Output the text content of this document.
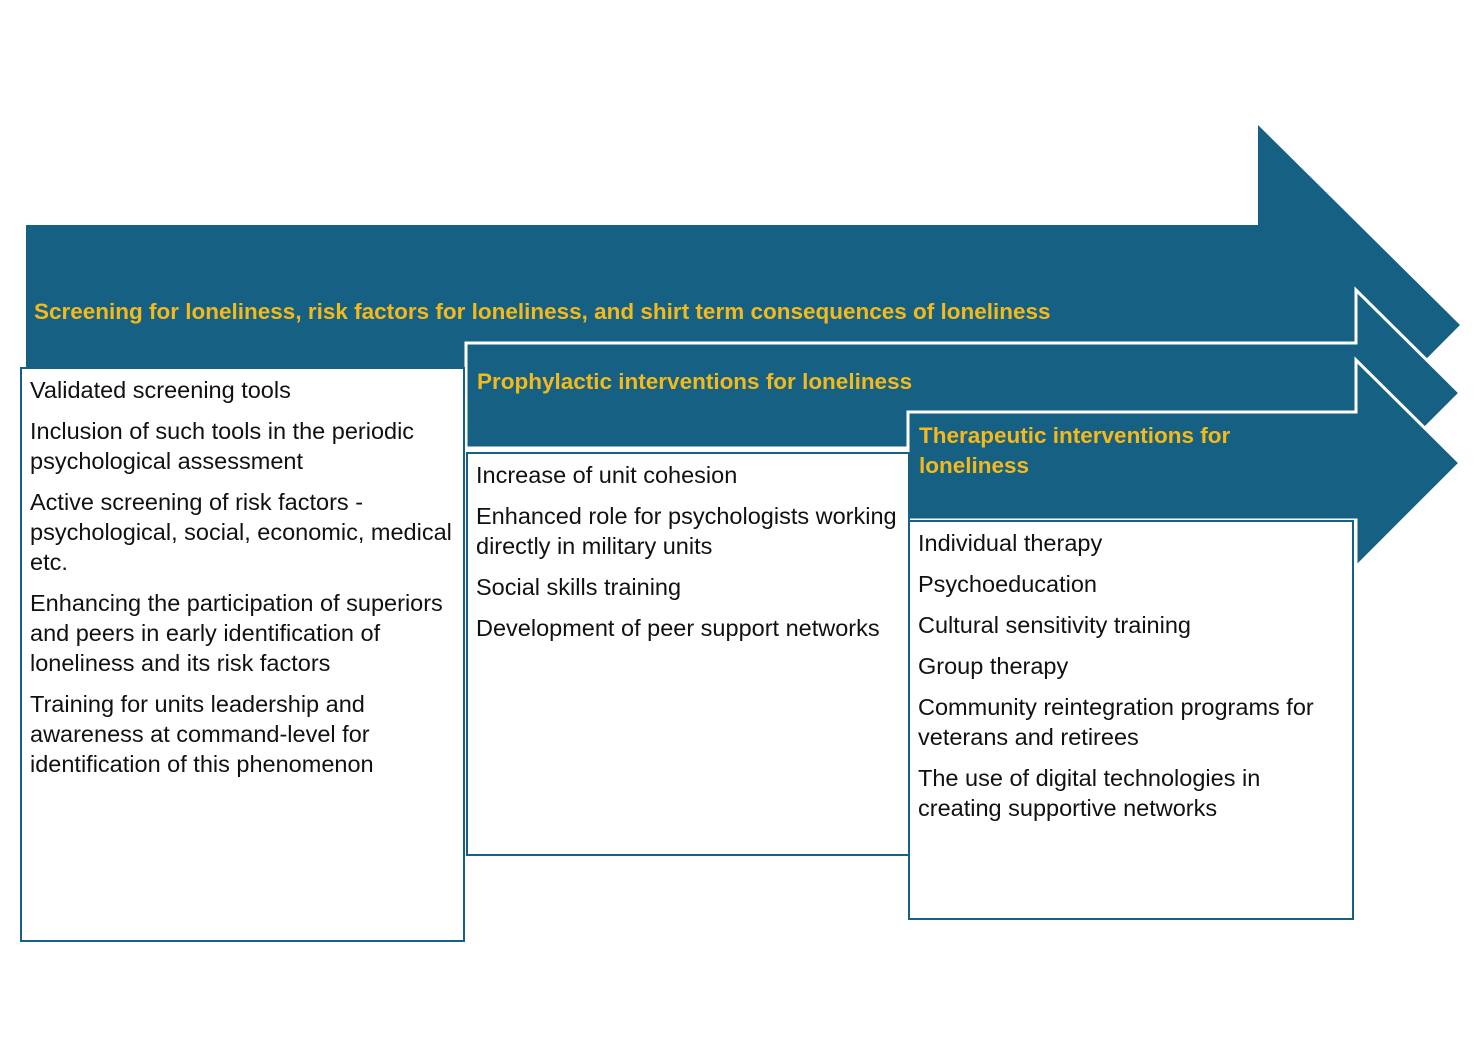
Screening for loneliness, risk factors for loneliness, and shirt term consequences of loneliness
Prophylactic interventions for loneliness
Therapeutic interventions for loneliness
Validated screening tools
Inclusion of such tools in the periodic psychological assessment
Active screening of risk factors - psychological, social, economic, medical etc.
Enhancing the participation of superiors and peers in early identification of loneliness and its risk factors
Training for units leadership and awareness at command-level for identification of this phenomenon
Increase of unit cohesion
Enhanced role for psychologists working directly in military units
Social skills training
Development of peer support networks
Individual therapy
Psychoeducation
Cultural sensitivity training
Group therapy
Community reintegration programs for veterans and retirees
The use of digital technologies in creating supportive networks
